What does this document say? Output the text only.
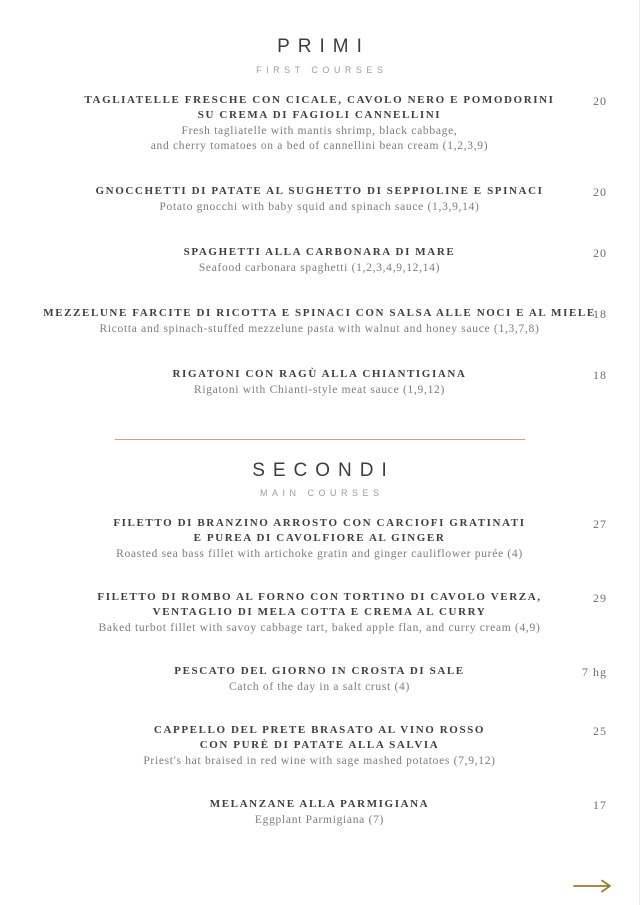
PRIMI
FIRST COURSES
20
TAGLIATELLE FRESCHE CON CICALE, CAVOLO NERO E POMODORINI
SU CREMA DI FAGIOLI CANNELLINI
Fresh tagliatelle with mantis shrimp, black cabbage,
and cherry tomatoes on a bed of cannellini bean cream (1,2,3,9)
20
GNOCCHETTI DI PATATE AL SUGHETTO DI SEPPIOLINE E SPINACI
Potato gnocchi with baby squid and spinach sauce (1,3,9,14)
20
SPAGHETTI ALLA CARBONARA DI MARE
Seafood carbonara spaghetti (1,2,3,4,9,12,14)
18
MEZZELUNE FARCITE DI RICOTTA E SPINACI CON SALSA ALLE NOCI E AL MIELE
Ricotta and spinach-stuffed mezzelune pasta with walnut and honey sauce (1,3,7,8)
18
RIGATONI CON RAGÙ ALLA CHIANTIGIANA
Rigatoni with Chianti-style meat sauce (1,9,12)
SECONDI
MAIN COURSES
27
FILETTO DI BRANZINO ARROSTO CON CARCIOFI GRATINATI
E PUREA DI CAVOLFIORE AL GINGER
Roasted sea bass fillet with artichoke gratin and ginger cauliflower purée (4)
29
FILETTO DI ROMBO AL FORNO CON TORTINO DI CAVOLO VERZA,
VENTAGLIO DI MELA COTTA E CREMA AL CURRY
Baked turbot fillet with savoy cabbage tart, baked apple flan, and curry cream (4,9)
7 hg
PESCATO DEL GIORNO IN CROSTA DI SALE
Catch of the day in a salt crust (4)
25
CAPPELLO DEL PRETE BRASATO AL VINO ROSSO
CON PURÈ DI PATATE ALLA SALVIA
Priest's hat braised in red wine with sage mashed potatoes (7,9,12)
17
MELANZANE ALLA PARMIGIANA
Eggplant Parmigiana (7)
